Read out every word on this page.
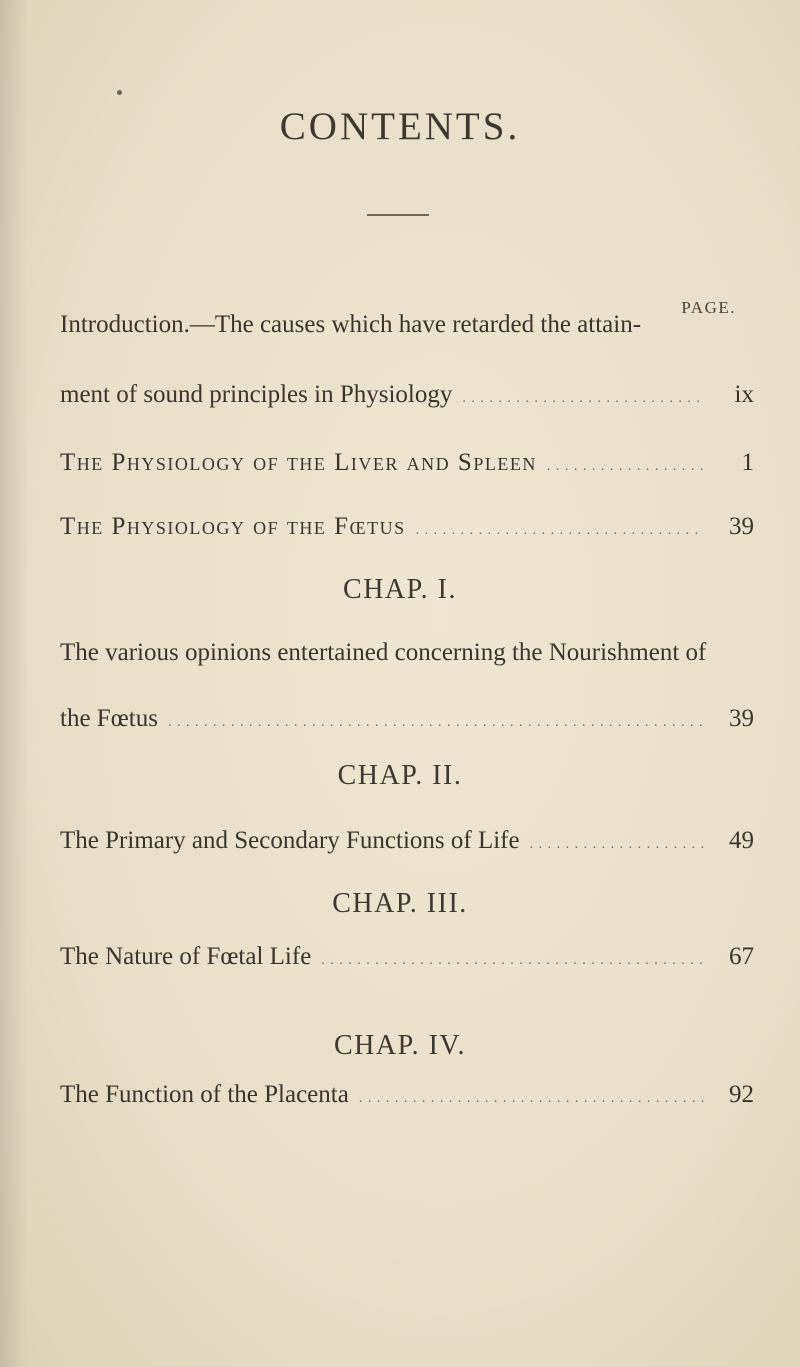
CONTENTS.
PAGE.
Introduction.—The causes which have retarded the attain-
ment of sound principles in Physiology . . .	ix
The Physiology of the Liver and Spleen . . .	1
The Physiology of the Fœtus . . .	39
CHAP. I.
The various opinions entertained concerning the Nourishment of
the Fœtus . . .	39
CHAP. II.
The Primary and Secondary Functions of Life . . .	49
CHAP. III.
The Nature of Fœtal Life . . .	67
CHAP. IV.
The Function of the Placenta . . .	92
